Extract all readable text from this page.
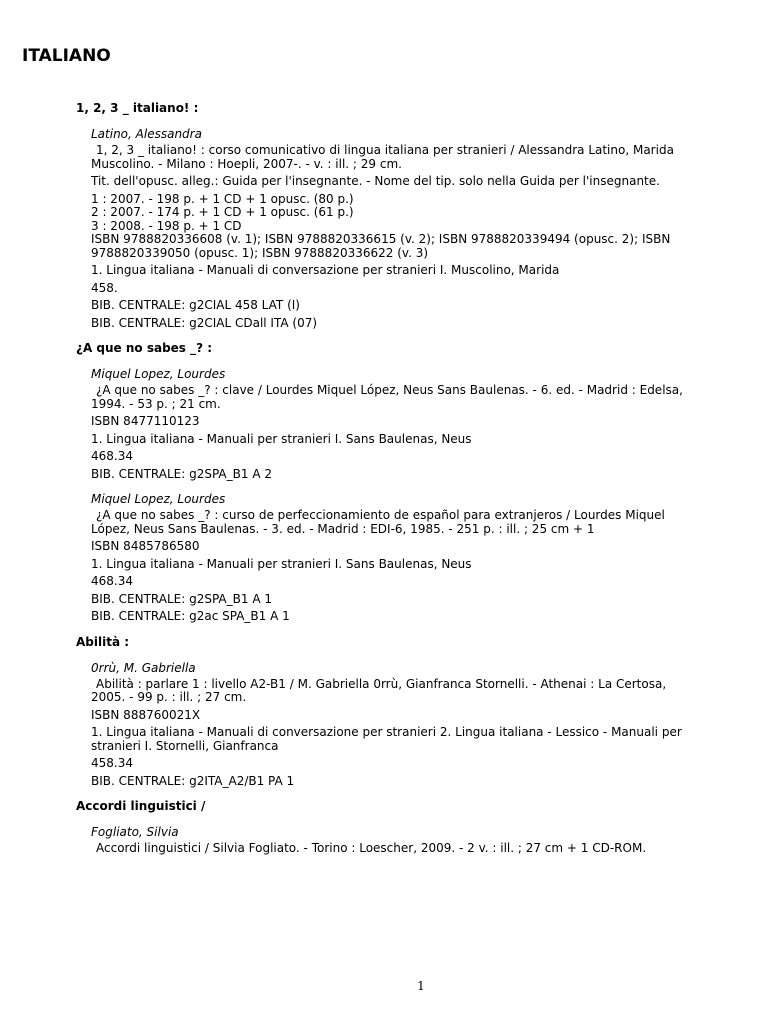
ITALIANO
1, 2, 3 _ italiano! :
Latino, Alessandra
1, 2, 3 _ italiano! : corso comunicativo di lingua italiana per stranieri / Alessandra Latino, Marida Muscolino. - Milano : Hoepli, 2007-. - v. : ill. ; 29 cm.
Tit. dell'opusc. alleg.: Guida per l'insegnante. - Nome del tip. solo nella Guida per l'insegnante.
1 : 2007. - 198 p. + 1 CD + 1 opusc. (80 p.)
2 : 2007. - 174 p. + 1 CD + 1 opusc. (61 p.)
3 : 2008. - 198 p. + 1 CD
ISBN 9788820336608 (v. 1); ISBN 9788820336615 (v. 2); ISBN 9788820339494 (opusc. 2); ISBN 9788820339050 (opusc. 1); ISBN 9788820336622 (v. 3)
1. Lingua italiana - Manuali di conversazione per stranieri I. Muscolino, Marida
458.
BIB. CENTRALE: g2CIAL 458 LAT (I)
BIB. CENTRALE: g2CIAL CDall ITA (07)
¿A que no sabes _? :
Miquel Lopez, Lourdes
¿A que no sabes _? : clave / Lourdes Miquel López, Neus Sans Baulenas. - 6. ed. - Madrid : Edelsa, 1994. - 53 p. ; 21 cm.
ISBN 8477110123
1. Lingua italiana - Manuali per stranieri I. Sans Baulenas, Neus
468.34
BIB. CENTRALE: g2SPA_B1 A 2
Miquel Lopez, Lourdes
¿A que no sabes _? : curso de perfeccionamiento de español para extranjeros / Lourdes Miquel López, Neus Sans Baulenas. - 3. ed. - Madrid : EDI-6, 1985. - 251 p. : ill. ; 25 cm + 1
ISBN 8485786580
1. Lingua italiana - Manuali per stranieri I. Sans Baulenas, Neus
468.34
BIB. CENTRALE: g2SPA_B1 A 1
BIB. CENTRALE: g2ac SPA_B1 A 1
Abilità :
0rrù, M. Gabriella
Abilità : parlare 1 : livello A2-B1 / M. Gabriella 0rrù, Gianfranca Stornelli. - Athenai : La Certosa, 2005. - 99 p. : ill. ; 27 cm.
ISBN 888760021X
1. Lingua italiana - Manuali di conversazione per stranieri 2. Lingua italiana - Lessico - Manuali per stranieri I. Stornelli, Gianfranca
458.34
BIB. CENTRALE: g2ITA_A2/B1 PA 1
Accordi linguistici /
Fogliato, Silvia
Accordi linguistici / Silvia Fogliato. - Torino : Loescher, 2009. - 2 v. : ill. ; 27 cm + 1 CD-ROM.
1
